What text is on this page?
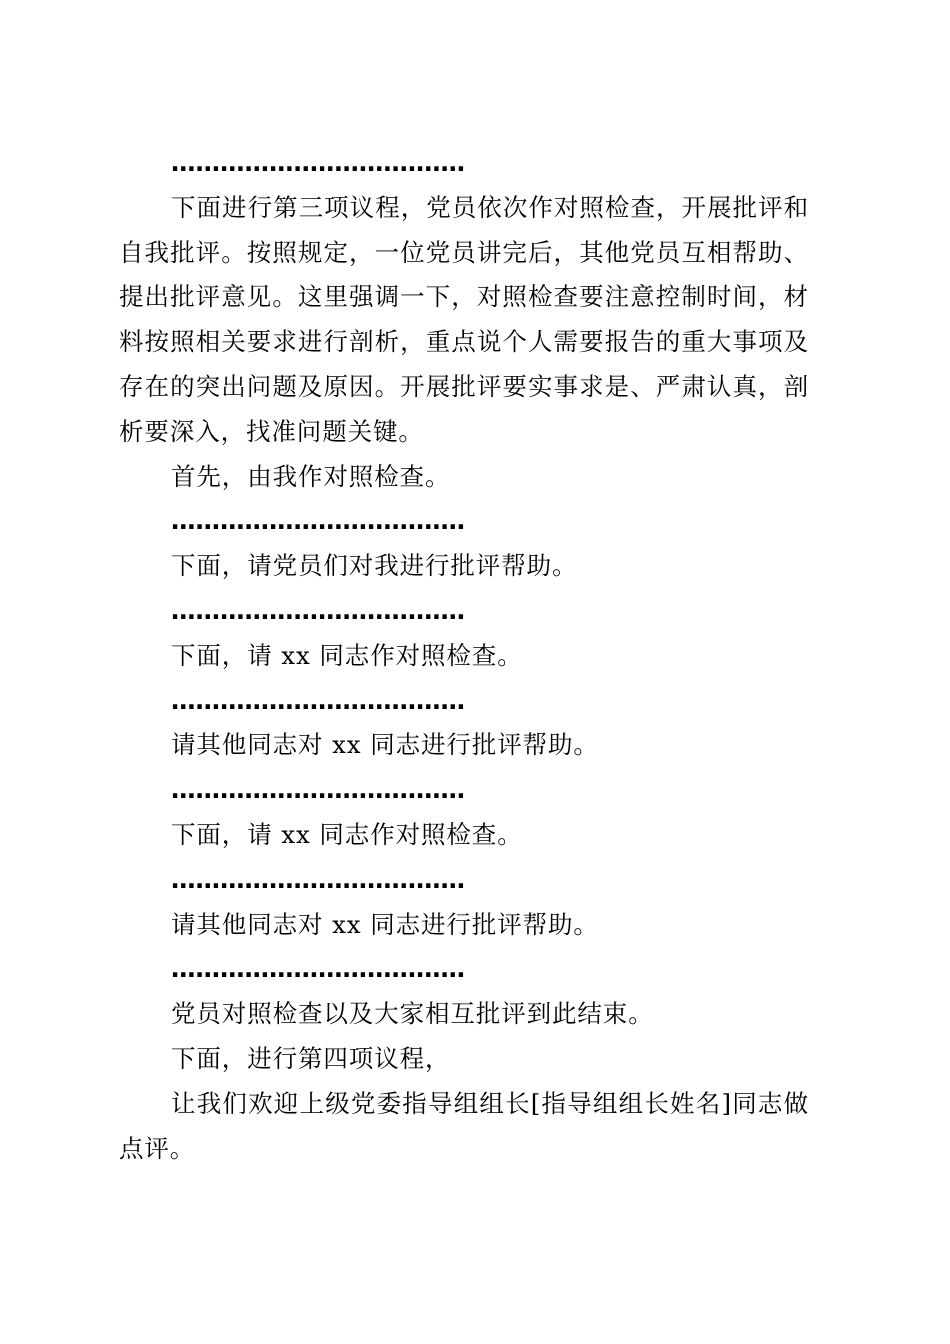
………………………………

下面进行第三项议程，党员依次作对照检查，开展批评和自我批评。按照规定，一位党员讲完后，其他党员互相帮助、提出批评意见。这里强调一下，对照检查要注意控制时间，材料按照相关要求进行剖析，重点说个人需要报告的重大事项及存在的突出问题及原因。开展批评要实事求是、严肃认真，剖析要深入，找准问题关键。

首先，由我作对照检查。

………………………………

下面，请党员们对我进行批评帮助。

………………………………

下面，请 xx 同志作对照检查。

………………………………

请其他同志对 xx 同志进行批评帮助。

………………………………

下面，请 xx 同志作对照检查。

………………………………

请其他同志对 xx 同志进行批评帮助。

………………………………

党员对照检查以及大家相互批评到此结束。

下面，进行第四项议程，

让我们欢迎上级党委指导组组长[指导组组长姓名]同志做点评。
